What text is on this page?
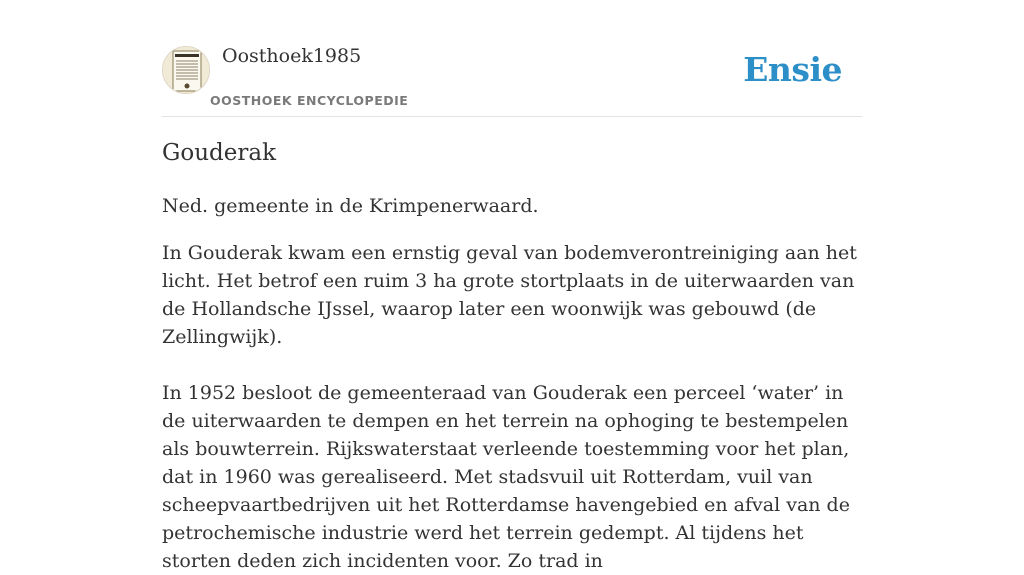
Oosthoek1985
OOSTHOEK ENCYCLOPEDIE
Ensie
Gouderak

Ned. gemeente in de Krimpenerwaard.

In Gouderak kwam een ernstig geval van bodemverontreiniging aan het licht. Het betrof een ruim 3 ha grote stortplaats in de uiterwaarden van de Hollandsche IJssel, waarop later een woonwijk was gebouwd (de Zellingwijk).

In 1952 besloot de gemeenteraad van Gouderak een perceel ‘water’ in de uiterwaarden te dempen en het terrein na ophoging te bestempelen als bouwterrein. Rijkswaterstaat verleende toestemming voor het plan, dat in 1960 was gerealiseerd. Met stadsvuil uit Rotterdam, vuil van scheepvaartbedrijven uit het Rotterdamse havengebied en afval van de petrochemische industrie werd het terrein gedempt. Al tijdens het storten deden zich incidenten voor. Zo trad in
